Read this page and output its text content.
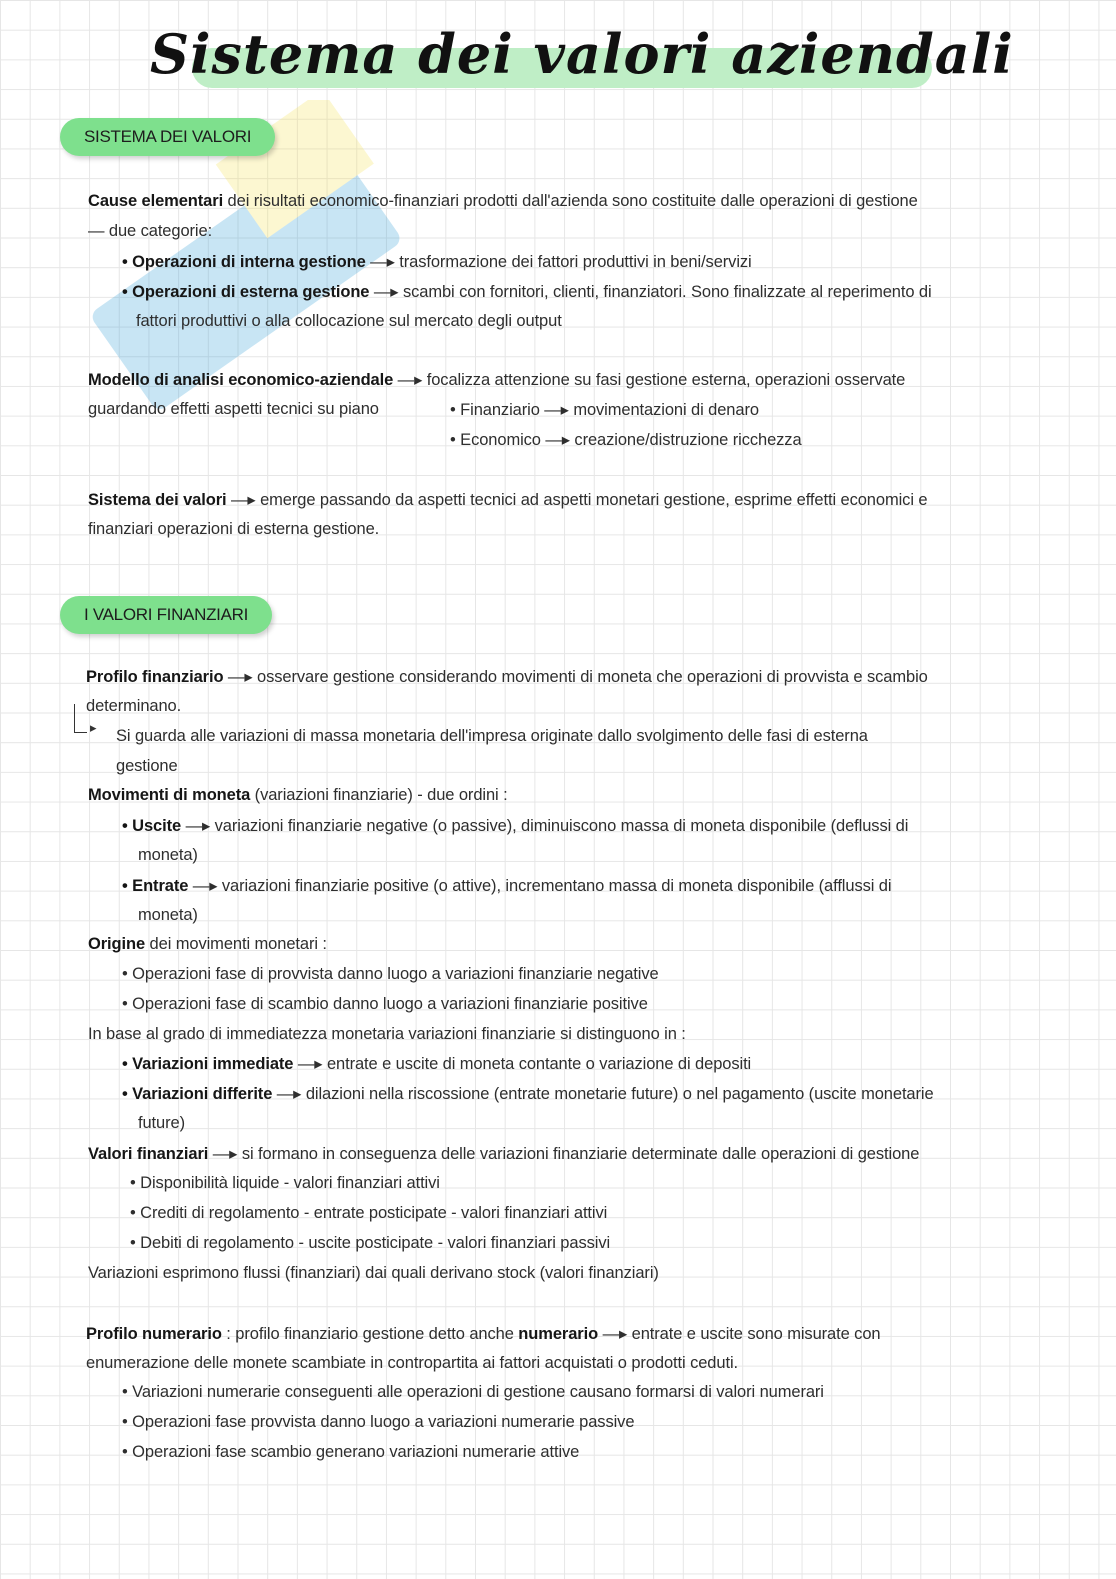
Sistema dei valori aziendali
SISTEMA DEI VALORI
Cause elementari dei risultati economico-finanziari prodotti dall'azienda sono costituite dalle operazioni di gestione
— due categorie:
• Operazioni di interna gestione —▸ trasformazione dei fattori produttivi in beni/servizi
• Operazioni di esterna gestione —▸ scambi con fornitori, clienti, finanziatori. Sono finalizzate al reperimento di
fattori produttivi o alla collocazione sul mercato degli output
Modello di analisi economico-aziendale —▸ focalizza attenzione su fasi gestione esterna, operazioni osservate
guardando effetti aspetti tecnici su piano	• Finanziario —▸ movimentazioni di denaro
• Economico —▸ creazione/distruzione ricchezza
Sistema dei valori —▸ emerge passando da aspetti tecnici ad aspetti monetari gestione, esprime effetti economici e
finanziari operazioni di esterna gestione.
I VALORI FINANZIARI
Profilo finanziario —▸ osservare gestione considerando movimenti di moneta che operazioni di provvista e scambio
determinano.
▸ Si guarda alle variazioni di massa monetaria dell'impresa originate dallo svolgimento delle fasi di esterna
gestione
Movimenti di moneta (variazioni finanziarie) - due ordini :
• Uscite —▸ variazioni finanziarie negative (o passive), diminuiscono massa di moneta disponibile (deflussi di
moneta)
• Entrate —▸ variazioni finanziarie positive (o attive), incrementano massa di moneta disponibile (afflussi di
moneta)
Origine dei movimenti monetari :
• Operazioni fase di provvista danno luogo a variazioni finanziarie negative
• Operazioni fase di scambio danno luogo a variazioni finanziarie positive
In base al grado di immediatezza monetaria variazioni finanziarie si distinguono in :
• Variazioni immediate —▸ entrate e uscite di moneta contante o variazione di depositi
• Variazioni differite —▸ dilazioni nella riscossione (entrate monetarie future) o nel pagamento (uscite monetarie
future)
Valori finanziari —▸ si formano in conseguenza delle variazioni finanziarie determinate dalle operazioni di gestione
• Disponibilità liquide - valori finanziari attivi
• Crediti di regolamento - entrate posticipate - valori finanziari attivi
• Debiti di regolamento - uscite posticipate - valori finanziari passivi
Variazioni esprimono flussi (finanziari) dai quali derivano stock (valori finanziari)
Profilo numerario : profilo finanziario gestione detto anche numerario —▸ entrate e uscite sono misurate con
enumerazione delle monete scambiate in contropartita ai fattori acquistati o prodotti ceduti.
• Variazioni numerarie conseguenti alle operazioni di gestione causano formarsi di valori numerari
• Operazioni fase provvista danno luogo a variazioni numerarie passive
• Operazioni fase scambio generano variazioni numerarie attive
